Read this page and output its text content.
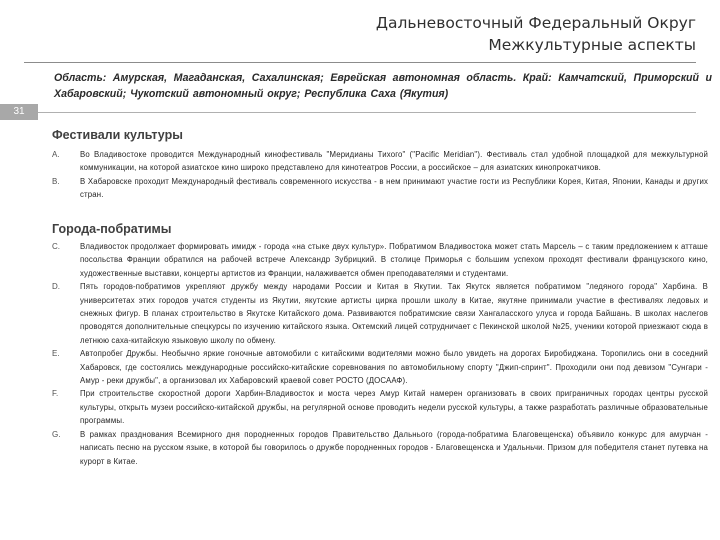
Дальневосточный Федеральный Округ
Межкультурные аспекты
Область: Амурская, Магаданская, Сахалинская; Еврейская автономная область. Край: Камчатский, Приморский и Хабаровский; Чукотский автономный округ; Республика Саха (Якутия)
31
Фестивали культуры
A.	Во Владивостоке проводится Международный кинофестиваль "Меридианы Тихого" ("Pacific Meridian"). Фестиваль стал удобной площадкой для межкультурной коммуникации, на которой азиатское кино широко представлено для кинотеатров России, а российское – для азиатских кинопрокатчиков.
B.	В Хабаровске проходит Международный фестиваль современного искусства - в нем принимают участие гости из Республики Корея, Китая, Японии, Канады и других стран.
Города-побратимы
C.	Владивосток продолжает формировать имидж - города «на стыке двух культур». Побратимом Владивостока может стать Марсель – с таким предложением к атташе посольства Франции обратился на рабочей встрече Александр Зубрицкий. В столице Приморья с большим успехом проходят фестивали французского кино, художественные выставки, концерты артистов из Франции, налаживается обмен преподавателями и студентами.
D.	Пять городов-побратимов укрепляют дружбу между народами России и Китая в Якутии. Так Якутск является побратимом "ледяного города" Харбина. В университетах этих городов учатся студенты из Якутии, якутские артисты цирка прошли школу в Китае, якутяне принимали участие в фестивалях ледовых и снежных фигур. В планах строительство в Якутске Китайского дома. Развиваются побратимские связи Хангаласского улуса и города Байшань. В школах наслегов проводятся дополнительные спецкурсы по изучению китайского языка. Октемский лицей сотрудничает с Пекинской школой №25, ученики которой приезжают сюда в летнюю саха-китайскую языковую школу по обмену.
E.	Автопробег Дружбы. Необычно яркие гоночные автомобили с китайскими водителями можно было увидеть на дорогах Биробиджана. Торопились они в соседний Хабаровск, где состоялись международные российско-китайские соревнования по автомобильному спорту "Джип-спринт". Проходили они под девизом "Сунгари - Амур - реки дружбы", а организовал их Хабаровский краевой совет РОСТО (ДОСААФ).
F.	При строительстве скоростной дороги Харбин-Владивосток и моста через Амур Китай намерен организовать в своих приграничных городах центры русской культуры, открыть музеи российско-китайской дружбы, на регулярной основе проводить недели русской культуры, а также разработать различные образовательные программы.
G.	В рамках празднования Всемирного дня породненных городов Правительство Дальнього (города-побратима Благовещенска) объявило конкурс для амурчан - написать песню на русском языке, в которой бы говорилось о дружбе породненных городов - Благовещенска и Удальньчи. Призом для победителя станет путевка на курорт в Китае.
